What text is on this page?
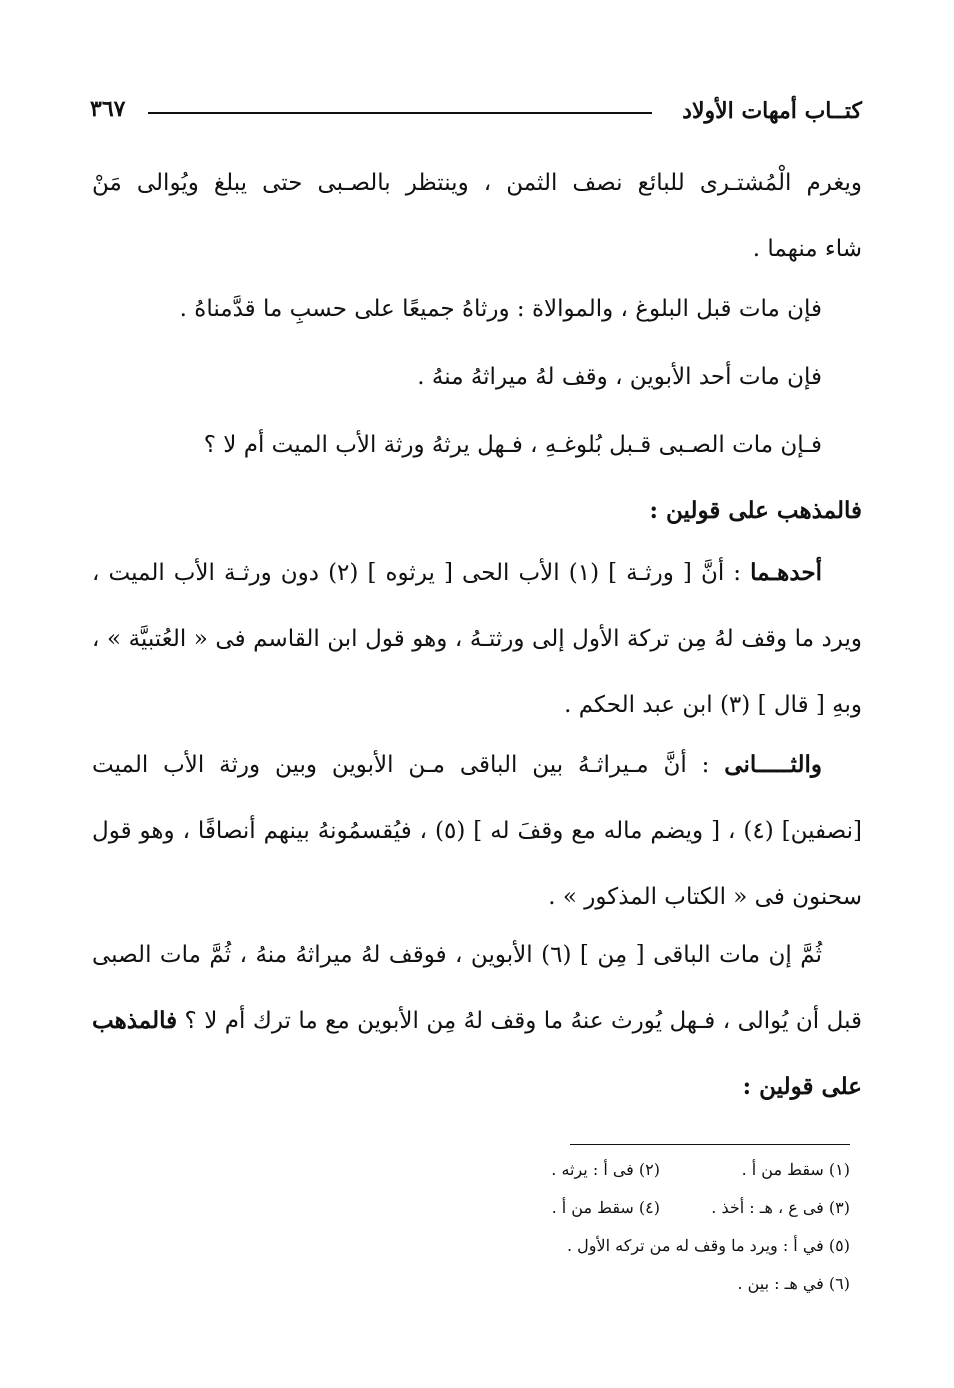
كتــاب أمهات الأولاد
٣٦٧
ويغرم الْمُشتـرى للبائع نصف الثمن ، وينتظر بالصـبى حتى يبلغ ويُوالى مَنْ
شاء منهما .
فإن مات قبل البلوغ ، والموالاة : ورثاهُ جميعًا على حسبِ ما قدَّمناهُ .
فإن مات أحد الأبوين ، وقف لهُ ميراثهُ منهُ .
فـإن مات الصـبى قـبل بُلوغـهِ ، فـهل يرثهُ ورثة الأب الميت أم لا ؟
فالمذهب على قولين :
أحدهـما : أنَّ [ ورثـة ] (١) الأب الحى [ يرثوه ] (٢) دون ورثـة الأب الميت ، ويرد ما وقف لهُ مِن تركة الأول إلى ورثتـهُ ، وهو قول ابن القاسم فى « العُتبيَّة » ، وبهِ [ قال ] (٣) ابن عبد الحكم .
والثـــــانى : أنَّ مـيراثـهُ بين الباقى مـن الأبوين وبين ورثة الأب الميت [نصفين] (٤) ، [ ويضم ماله مع وقفَ له ] (٥) ، فيُقسمُونهُ بينهم أنصافًا ، وهو قول سحنون فى « الكتاب المذكور » .
ثُمَّ إن مات الباقى [ مِن ] (٦) الأبوين ، فوقف لهُ ميراثهُ منهُ ، ثُمَّ مات الصبى قبل أن يُوالى ، فـهل يُورث عنهُ ما وقف لهُ مِن الأبوين مع ما ترك أم لا ؟ فالمذهب على قولين :
(١) سقط من أ .(٢) فى أ : يرثه .
(٣) فى ع ، هـ : أخذ .(٤) سقط من أ .
(٥) في أ : ويرد ما وقف له من تركه الأول .
(٦) في هـ : بين .
